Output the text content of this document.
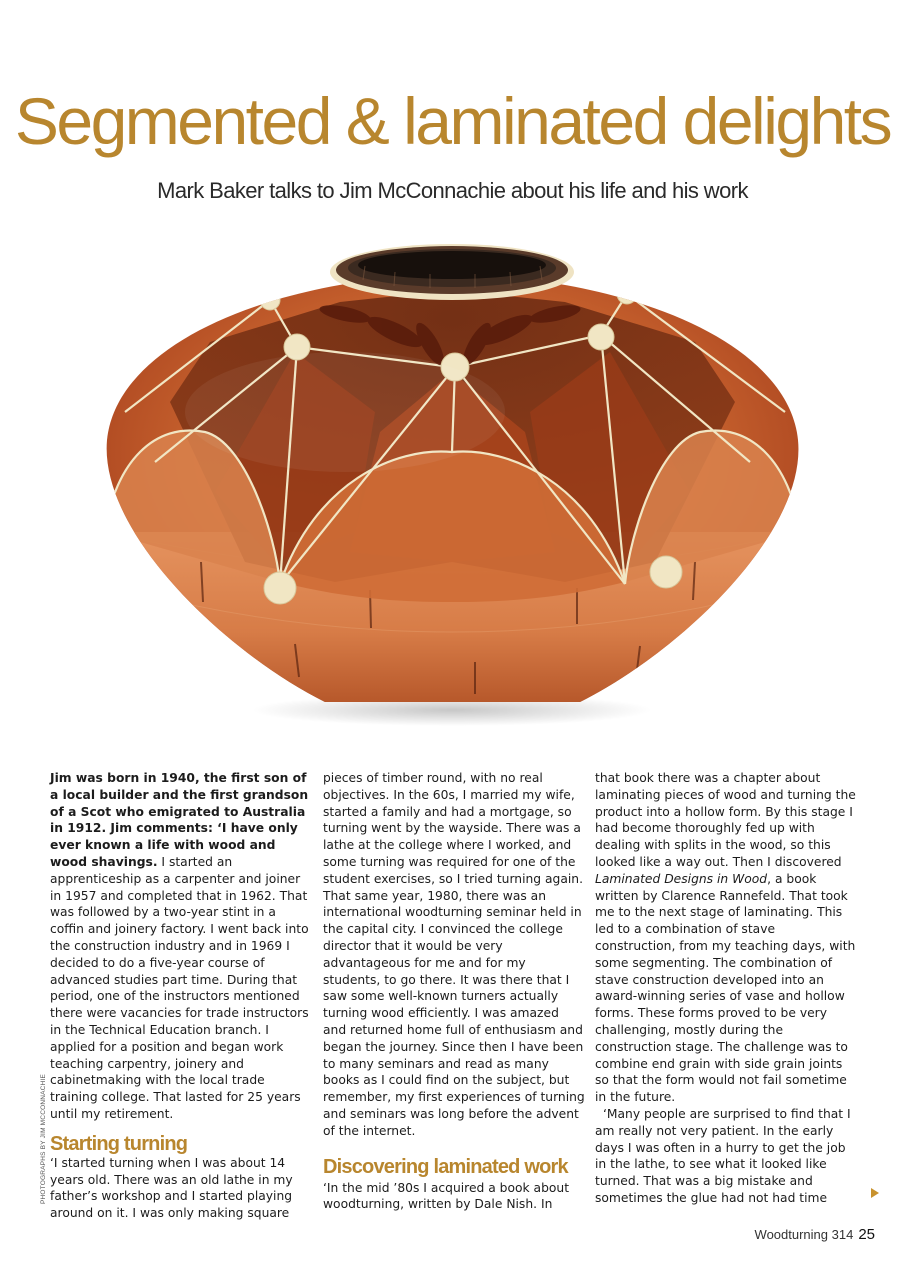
Segmented & laminated delights
Mark Baker talks to Jim McConnachie about his life and his work

Jim was born in 1940, the first son of a local builder and the first grandson of a Scot who emigrated to Australia in 1912. Jim comments: ‘I have only ever known a life with wood and wood shavings. I started an apprenticeship as a carpenter and joiner in 1957 and completed that in 1962. That was followed by a two-year stint in a coffin and joinery factory. I went back into the construction industry and in 1969 I decided to do a five-year course of advanced studies part time. During that period, one of the instructors mentioned there were vacancies for trade instructors in the Technical Education branch. I applied for a position and began work teaching carpentry, joinery and cabinetmaking with the local trade training college. That lasted for 25 years until my retirement.

Starting turning

‘I started turning when I was about 14 years old. There was an old lathe in my father’s workshop and I started playing around on it. I was only making square

pieces of timber round, with no real objectives. In the 60s, I married my wife, started a family and had a mortgage, so turning went by the wayside. There was a lathe at the college where I worked, and some turning was required for one of the student exercises, so I tried turning again. That same year, 1980, there was an international woodturning seminar held in the capital city. I convinced the college director that it would be very advantageous for me and for my students, to go there. It was there that I saw some well-known turners actually turning wood efficiently. I was amazed and returned home full of enthusiasm and began the journey. Since then I have been to many seminars and read as many books as I could find on the subject, but remember, my first experiences of turning and seminars was long before the advent of the internet.

Discovering laminated work

‘In the mid ’80s I acquired a book about woodturning, written by Dale Nish. In

that book there was a chapter about laminating pieces of wood and turning the product into a hollow form. By this stage I had become thoroughly fed up with dealing with splits in the wood, so this looked like a way out. Then I discovered Laminated Designs in Wood, a book written by Clarence Rannefeld. That took me to the next stage of laminating. This led to a combination of stave construction, from my teaching days, with some segmenting. The combination of stave construction developed into an award-winning series of vase and hollow forms. These forms proved to be very challenging, mostly during the construction stage. The challenge was to combine end grain with side grain joints so that the form would not fail sometime in the future.

‘Many people are surprised to find that I am really not very patient. In the early days I was often in a hurry to get the job in the lathe, to see what it looked like turned. That was a big mistake and sometimes the glue had not had time

PHOTOGRAPHS BY JIM MCCONNACHIE
Woodturning 314 25
